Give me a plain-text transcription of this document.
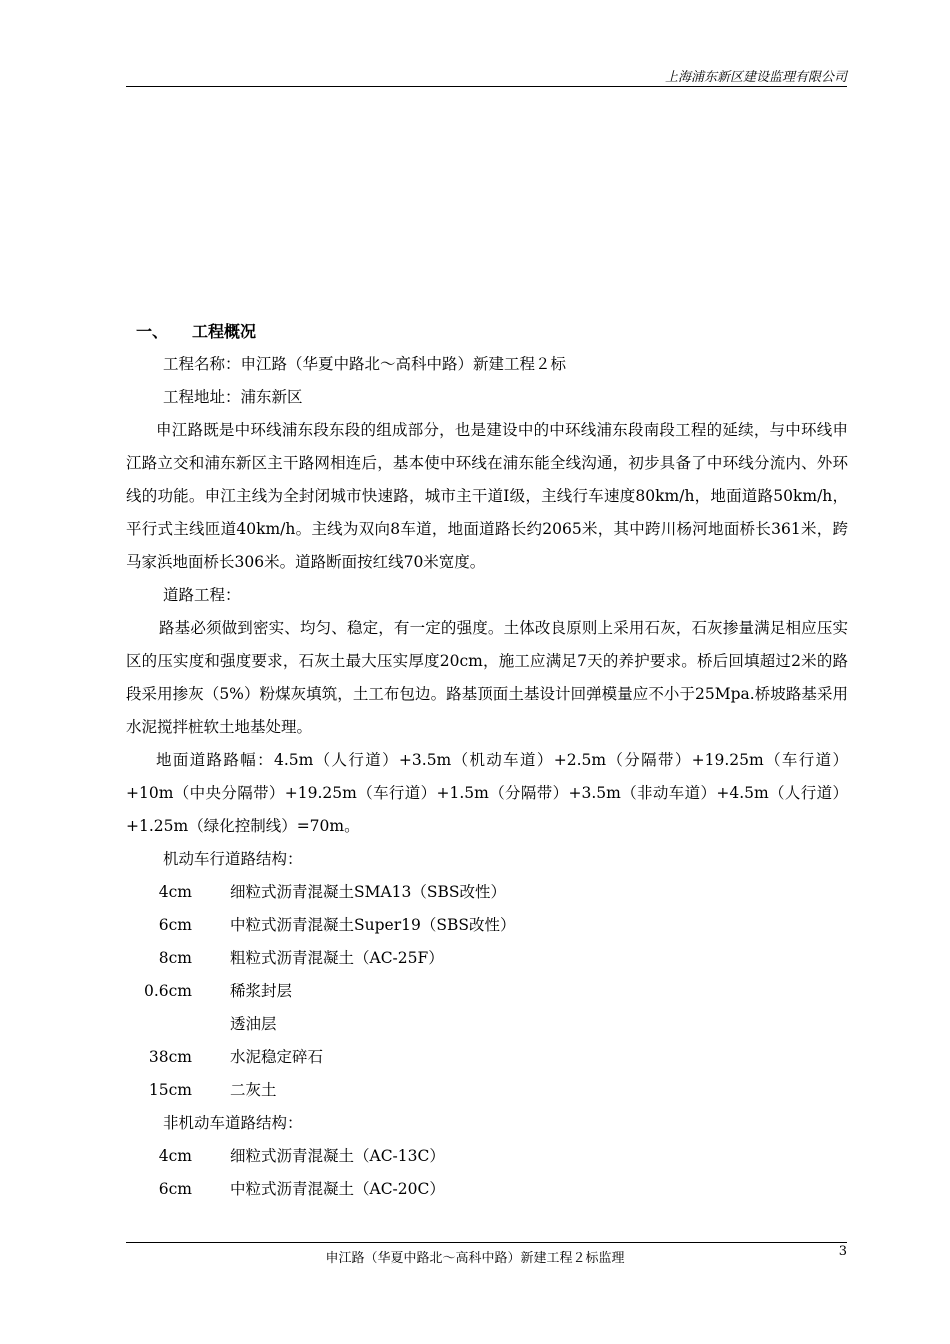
上海浦东新区建设监理有限公司
一、 工程概况
工程名称：申江路（华夏中路北～高科中路）新建工程２标
工程地址：浦东新区
申江路既是中环线浦东段东段的组成部分，也是建设中的中环线浦东段南段工程的延续，与中环线申江路立交和浦东新区主干路网相连后，基本使中环线在浦东能全线沟通，初步具备了中环线分流内、外环线的功能。申江主线为全封闭城市快速路，城市主干道Ⅰ级，主线行车速度80km/h，地面道路50km/h，平行式主线匝道40km/h。主线为双向8车道，地面道路长约2065米，其中跨川杨河地面桥长361米，跨马家浜地面桥长306米。道路断面按红线70米宽度。
道路工程：
路基必须做到密实、均匀、稳定，有一定的强度。土体改良原则上采用石灰，石灰掺量满足相应压实区的压实度和强度要求，石灰土最大压实厚度20cm，施工应满足7天的养护要求。桥后回填超过2米的路段采用掺灰（5%）粉煤灰填筑，土工布包边。路基顶面土基设计回弹模量应不小于25Mpa.桥坡路基采用水泥搅拌桩软土地基处理。
地面道路路幅：4.5m（人行道）+3.5m（机动车道）+2.5m（分隔带）+19.25m（车行道）+10m（中央分隔带）+19.25m（车行道）+1.5m（分隔带）+3.5m（非动车道）+4.5m（人行道）+1.25m（绿化控制线）=70m。
机动车行道路结构：
4cm	细粒式沥青混凝土SMA13（SBS改性）
6cm	中粒式沥青混凝土Super19（SBS改性）
8cm	粗粒式沥青混凝土（AC-25F）
0.6cm	稀浆封层
透油层
38cm	水泥稳定碎石
15cm	二灰土
非机动车道路结构：
4cm	细粒式沥青混凝土（AC-13C）
6cm	中粒式沥青混凝土（AC-20C）
申江路（华夏中路北～高科中路）新建工程２标监理	3
